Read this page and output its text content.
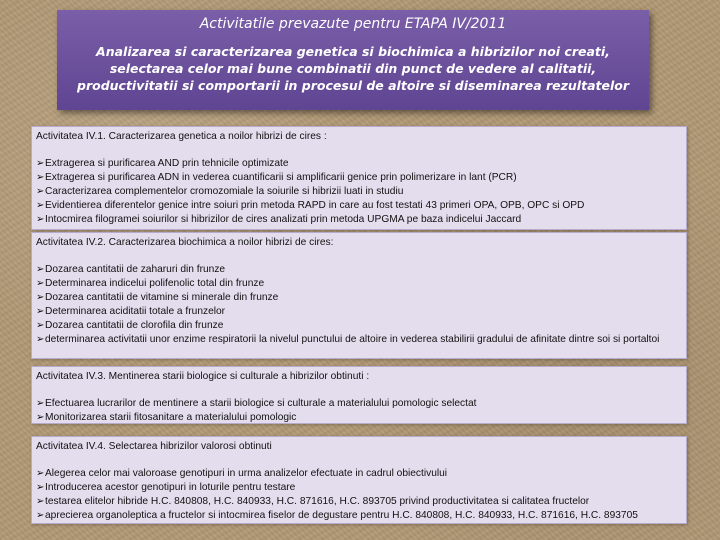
Activitatile prevazute pentru ETAPA IV/2011
Analizarea si caracterizarea genetica si biochimica a hibrizilor noi creati, selectarea celor mai bune combinatii din punct de vedere al calitatii, productivitatii si comportarii in procesul de altoire si diseminarea rezultatelor
Activitatea IV.1. Caracterizarea genetica a noilor hibrizi de cires :
➢ Extragerea si purificarea AND prin tehnicile optimizate
➢ Extragerea si purificarea ADN in vederea cuantificarii si amplificarii genice prin polimerizare in lant (PCR)
➢ Caracterizarea complementelor cromozomiale la soiurile si hibrizii luati in studiu
➢ Evidentierea diferentelor genice intre soiuri prin metoda RAPD in care au fost testati 43 primeri OPA, OPB, OPC si OPD
➢ Intocmirea filogramei soiurilor si hibrizilor de cires analizati prin metoda UPGMA pe baza indicelui Jaccard
Activitatea IV.2. Caracterizarea biochimica a noilor hibrizi de cires:
➢ Dozarea cantitatii de zaharuri din frunze
➢ Determinarea indicelui polifenolic total din frunze
➢ Dozarea cantitatii de vitamine si minerale din frunze
➢ Determinarea aciditatii totale a frunzelor
➢ Dozarea cantitatii de clorofila din frunze
➢ determinarea activitatii unor enzime respiratorii la nivelul punctului de altoire in vederea stabilirii gradului de afinitate dintre soi si portaltoi
Activitatea IV.3. Mentinerea starii biologice si culturale a hibrizilor obtinuti :
➢ Efectuarea lucrarilor de mentinere a starii biologice si culturale a materialului pomologic selectat
➢ Monitorizarea starii fitosanitare a materialului pomologic
Activitatea IV.4. Selectarea hibrizilor valorosi obtinuti
➢ Alegerea celor mai valoroase genotipuri in urma analizelor efectuate in cadrul obiectivului
➢ Introducerea acestor genotipuri in loturile pentru testare
➢ testarea elitelor hibride H.C. 840808, H.C. 840933, H.C. 871616, H.C. 893705 privind productivitatea si calitatea fructelor
➢ aprecierea organoleptica a fructelor si intocmirea fiselor de degustare pentru H.C. 840808, H.C. 840933, H.C. 871616, H.C. 893705
